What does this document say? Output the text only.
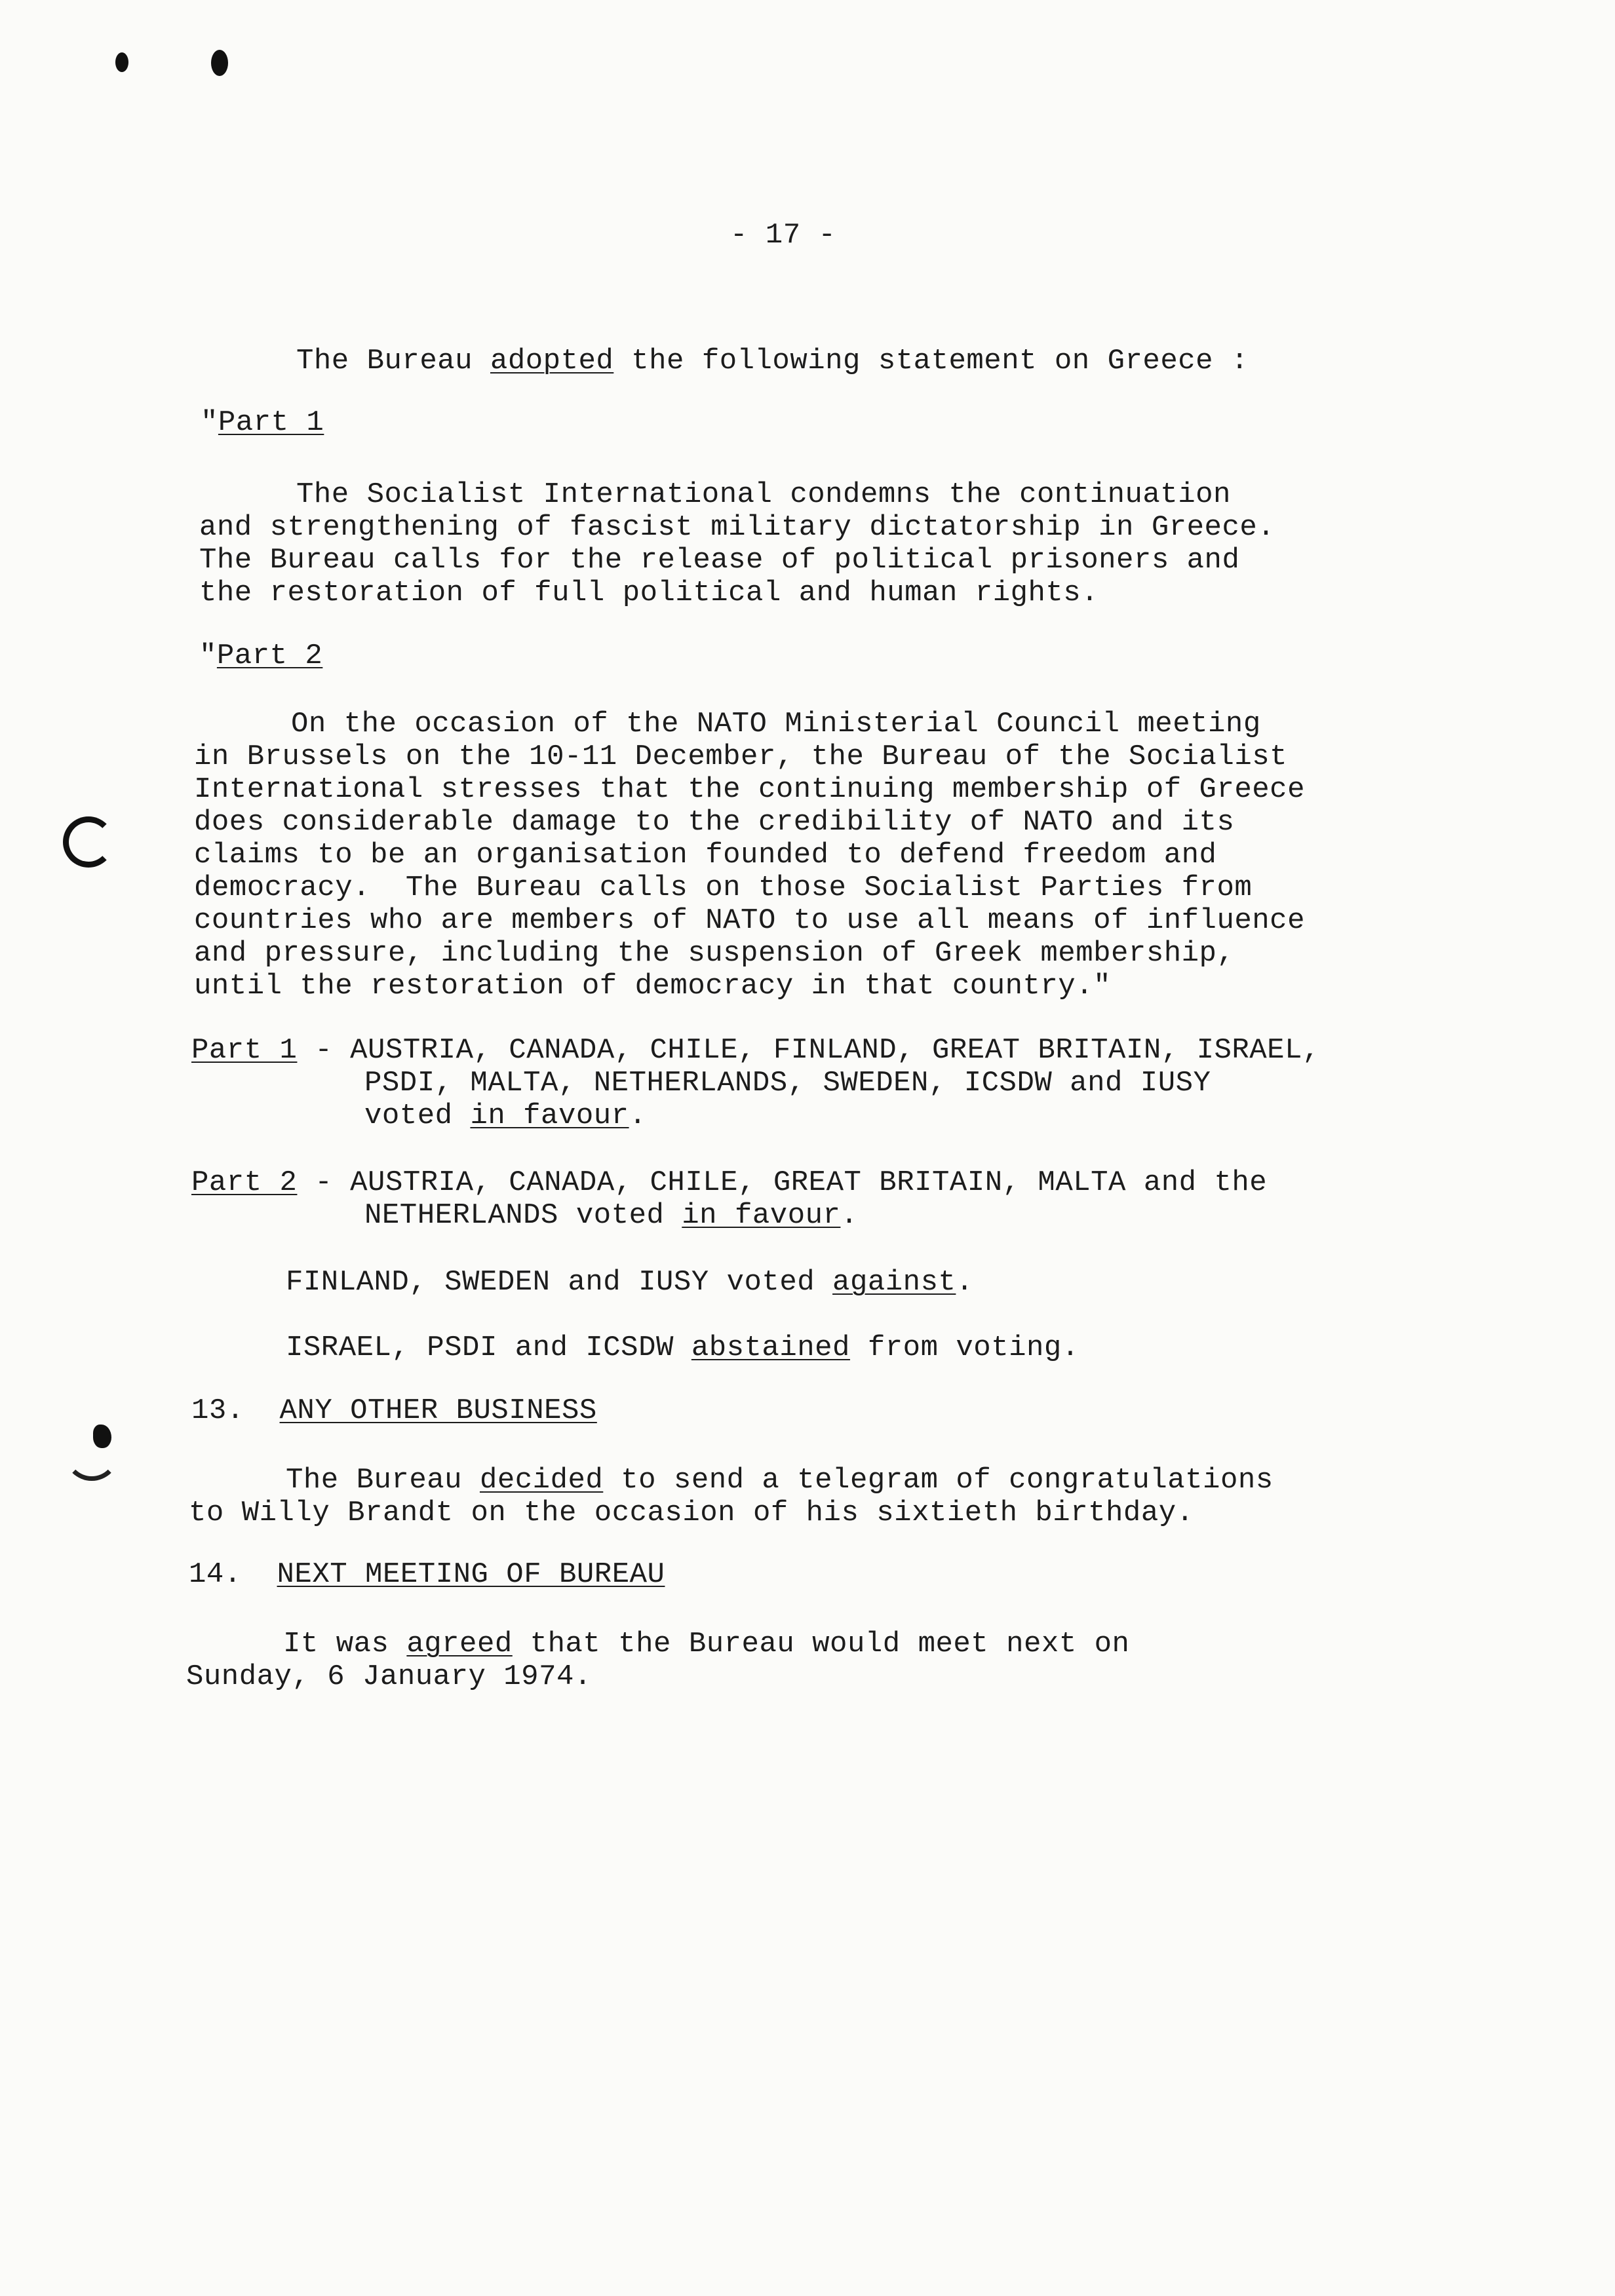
- 17 -
The Bureau adopted the following statement on Greece :
"Part 1
The Socialist International condemns the continuation
and strengthening of fascist military dictatorship in Greece.
The Bureau calls for the release of political prisoners and
the restoration of full political and human rights.
"Part 2
On the occasion of the NATO Ministerial Council meeting
in Brussels on the 10-11 December, the Bureau of the Socialist
International stresses that the continuing membership of Greece
does considerable damage to the credibility of NATO and its
claims to be an organisation founded to defend freedom and
democracy.  The Bureau calls on those Socialist Parties from
countries who are members of NATO to use all means of influence
and pressure, including the suspension of Greek membership,
until the restoration of democracy in that country."
Part 1 - AUSTRIA, CANADA, CHILE, FINLAND, GREAT BRITAIN, ISRAEL,
PSDI, MALTA, NETHERLANDS, SWEDEN, ICSDW and IUSY
voted in favour.
Part 2 - AUSTRIA, CANADA, CHILE, GREAT BRITAIN, MALTA and the
NETHERLANDS voted in favour.
FINLAND, SWEDEN and IUSY voted against.
ISRAEL, PSDI and ICSDW abstained from voting.
13. ANY OTHER BUSINESS
The Bureau decided to send a telegram of congratulations
to Willy Brandt on the occasion of his sixtieth birthday.
14. NEXT MEETING OF BUREAU
It was agreed that the Bureau would meet next on
Sunday, 6 January 1974.
